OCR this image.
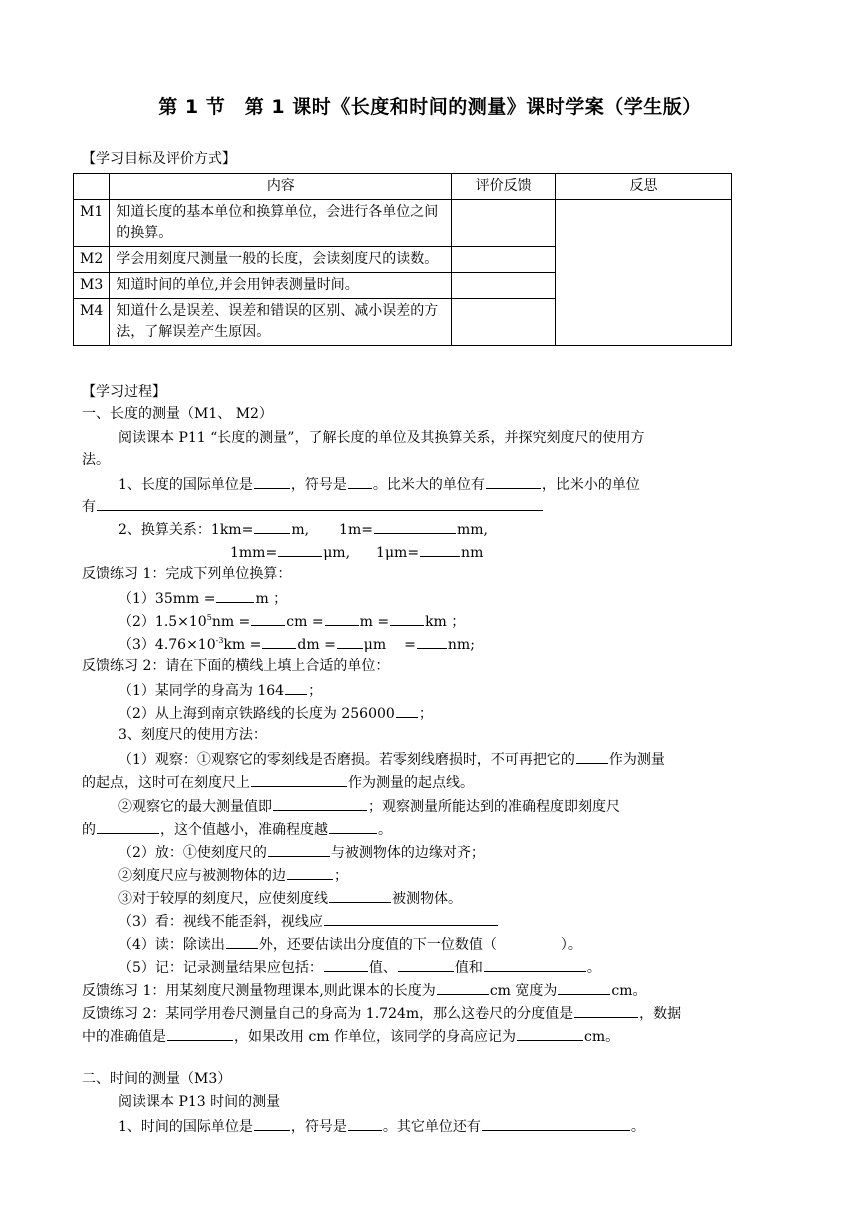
第 1 节　第 1 课时《长度和时间的测量》课时学案（学生版）
【学习目标及评价方式】
	内容	评价反馈	反思
M1	知道长度的基本单位和换算单位，会进行各单位之间的换算。		
M2	学会用刻度尺测量一般的长度，会读刻度尺的读数。		
M3	知道时间的单位,并会用钟表测量时间。		
M4	知道什么是误差、误差和错误的区别、减小误差的方法，了解误差产生原因。		
【学习过程】
一、长度的测量（M1、 M2）
阅读课本 P11 “长度的测量”，了解长度的单位及其换算关系，并探究刻度尺的使用方
法。
1、长度的国际单位是	，符号是 。比米大的单位有	，比米小的单位
有
2、换算关系：1km=	m, 1m=	mm,
1mm=	μm, 1μm=	nm
反馈练习 1：完成下列单位换算：
（1）35mm =	m ；
$(2)1.5\times 10^5nm$ =	cm =	m =	km ；
$(3)4.76\times 10^{-3}km$ =	dm = μm = nm;
反馈练习 2：请在下面的横线上填上合适的单位：
（1）某同学的身高为 164 ；
（2）从上海到南京铁路线的长度为 256000 ；
3、刻度尺的使用方法：
（1）观察：①观察它的零刻线是否磨损。若零刻线磨损时，不可再把它的 作为测量
的起点，这时可在刻度尺上	作为测量的起点线。
②观察它的最大测量值即	；观察测量所能达到的准确程度即刻度尺
的	，这个值越小，准确程度越	。
（2）放：①使刻度尺的	与被测物体的边缘对齐；
②刻度尺应与被测物体的边	；
③对于较厚的刻度尺，应使刻度线	被测物体。
（3）看：视线不能歪斜，视线应
（4）读：除读出 外，还要估读出分度值的下一位数值（	）。
（5）记：记录测量结果应包括：	值、	值和	。
反馈练习 1：用某刻度尺测量物理课本,则此课本的长度为	cm 宽度为	cm。
反馈练习 2：某同学用卷尺测量自己的身高为 1.724m，那么这卷尺的分度值是	，数据
中的准确值是	，如果改用 cm 作单位，该同学的身高应记为	cm。
二、时间的测量（M3）
阅读课本 P13 时间的测量
1、时间的国际单位是	，符号是	。其它单位还有	。
